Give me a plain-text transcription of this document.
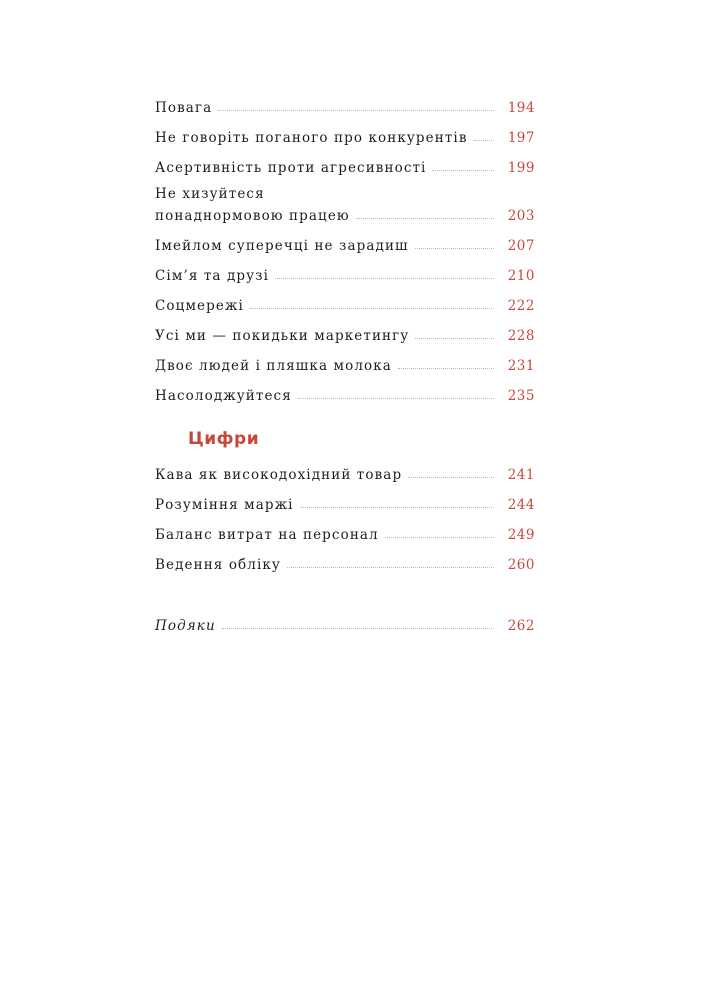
Повага	194
Не говоріть поганого про конкурентів	197
Асертивність проти агресивності	199
Не хизуйтеся
понаднормовою працею	203
Імейлом суперечці не зарадиш	207
Сім’я та друзі	210
Соцмережі	222
Усі ми — покидьки маркетингу	228
Двоє людей і пляшка молока	231
Насолоджуйтеся	235
Цифри
Кава як високодохідний товар	241
Розуміння маржі	244
Баланс витрат на персонал	249
Ведення обліку	260
Подяки	262
